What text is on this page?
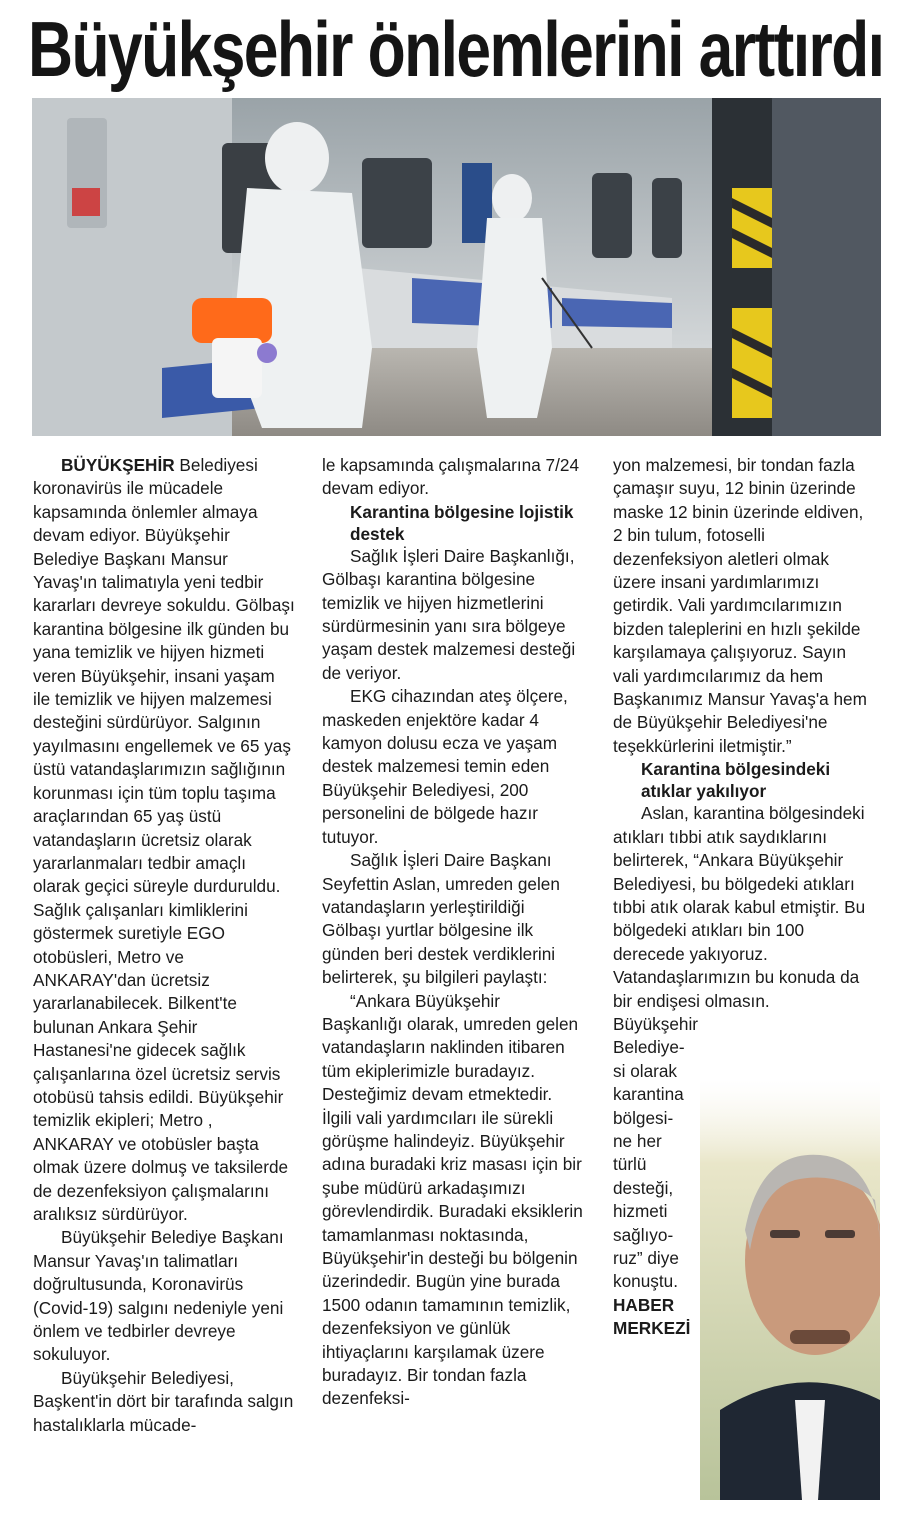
Büyükşehir önlemlerini arttırdı

BÜYÜKŞEHİR Belediyesi koronavirüs ile mücadele kapsamında önlemler almaya devam ediyor. Büyükşehir Belediye Başkanı Mansur Yavaş'ın talimatıyla yeni tedbir kararları devreye sokuldu. Gölbaşı karantina bölgesine ilk günden bu yana temizlik ve hijyen hizmeti veren Büyükşehir, insani yaşam ile temizlik ve hijyen malzemesi desteğini sürdürüyor. Salgının yayılmasını engellemek ve 65 yaş üstü vatandaşlarımızın sağlığının korunması için tüm toplu taşıma araçlarından 65 yaş üstü vatandaşların ücretsiz olarak yararlanmaları tedbir amaçlı olarak geçici süreyle durduruldu. Sağlık çalışanları kimliklerini göstermek suretiyle EGO otobüsleri, Metro ve ANKARAY'dan ücretsiz yararlanabilecek. Bilkent'te bulunan Ankara Şehir Hastanesi'ne gidecek sağlık çalışanlarına özel ücretsiz servis otobüsü tahsis edildi. Büyükşehir temizlik ekipleri; Metro , ANKARAY ve otobüsler başta olmak üzere dolmuş ve taksilerde de dezenfeksiyon çalışmalarını aralıksız sürdürüyor.

Büyükşehir Belediye Başkanı Mansur Yavaş'ın talimatları doğrultusunda, Koronavirüs (Covid-19) salgını nedeniyle yeni önlem ve tedbirler devreye sokuluyor.

Büyükşehir Belediyesi, Başkent'in dört bir tarafında salgın hastalıklarla mücade-

le kapsamında çalışmalarına 7/24 devam ediyor.

Karantina bölgesine lojistik destek

Sağlık İşleri Daire Başkanlığı, Gölbaşı karantina bölgesine temizlik ve hijyen hizmetlerini sürdürmesinin yanı sıra bölgeye yaşam destek malzemesi desteği de veriyor.

EKG cihazından ateş ölçere, maskeden enjektöre kadar 4 kamyon dolusu ecza ve yaşam destek malzemesi temin eden Büyükşehir Belediyesi, 200 personelini de bölgede hazır tutuyor.

Sağlık İşleri Daire Başkanı Seyfettin Aslan, umreden gelen vatandaşların yerleştirildiği Gölbaşı yurtlar bölgesine ilk günden beri destek verdiklerini belirterek, şu bilgileri paylaştı:

“Ankara Büyükşehir Başkanlığı olarak, umreden gelen vatandaşların naklinden itibaren tüm ekiplerimizle buradayız. Desteğimiz devam etmektedir. İlgili vali yardımcıları ile sürekli görüşme halindeyiz. Büyükşehir adına buradaki kriz masası için bir şube müdürü arkadaşımızı görevlendirdik. Buradaki eksiklerin tamamlanması noktasında, Büyükşehir'in desteği bu bölgenin üzerindedir. Bugün yine burada 1500 odanın tamamının temizlik, dezenfeksiyon ve günlük ihtiyaçlarını karşılamak üzere buradayız. Bir tondan fazla dezenfeksi-

yon malzemesi, bir tondan fazla çamaşır suyu, 12 binin üzerinde maske 12 binin üzerinde eldiven, 2 bin tulum, fotoselli dezenfeksiyon aletleri olmak üzere insani yardımlarımızı getirdik. Vali yardımcılarımızın bizden taleplerini en hızlı şekilde karşılamaya çalışıyoruz. Sayın vali yardımcılarımız da hem Başkanımız Mansur Yavaş'a hem de Büyükşehir Belediyesi'ne teşekkürlerini iletmiştir.”

Karantina bölgesindeki atıklar yakılıyor

Aslan, karantina bölgesindeki atıkları tıbbi atık saydıklarını belirterek, “Ankara Büyükşehir Belediyesi, bu bölgedeki atıkları tıbbi atık olarak kabul etmiştir. Bu bölgedeki atıkları bin 100 derecede yakıyoruz. Vatandaşlarımızın bu konuda da bir endişesi olmasın.

Büyükşehir
Belediye-
si olarak
karantina
bölgesi-
ne her
türlü
desteği,
hizmeti
sağlıyo-
ruz” diye
konuştu.
HABER
MERKEZİ
